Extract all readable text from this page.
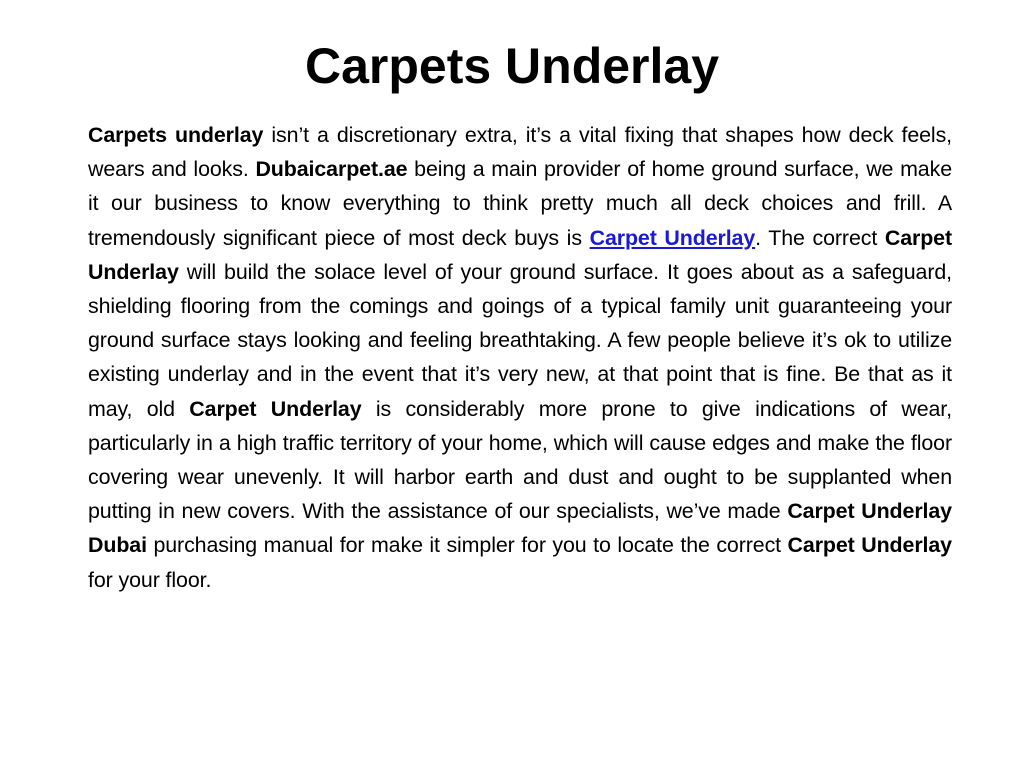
Carpets Underlay

Carpets underlay isn’t a discretionary extra, it’s a vital fixing that shapes how deck feels, wears and looks. Dubaicarpet.ae being a main provider of home ground surface, we make it our business to know everything to think pretty much all deck choices and frill. A tremendously significant piece of most deck buys is Carpet Underlay. The correct Carpet Underlay will build the solace level of your ground surface. It goes about as a safeguard, shielding flooring from the comings and goings of a typical family unit guaranteeing your ground surface stays looking and feeling breathtaking. A few people believe it’s ok to utilize existing underlay and in the event that it’s very new, at that point that is fine. Be that as it may, old Carpet Underlay is considerably more prone to give indications of wear, particularly in a high traffic territory of your home, which will cause edges and make the floor covering wear unevenly. It will harbor earth and dust and ought to be supplanted when putting in new covers. With the assistance of our specialists, we’ve made Carpet Underlay Dubai purchasing manual for make it simpler for you to locate the correct Carpet Underlay for your floor.
